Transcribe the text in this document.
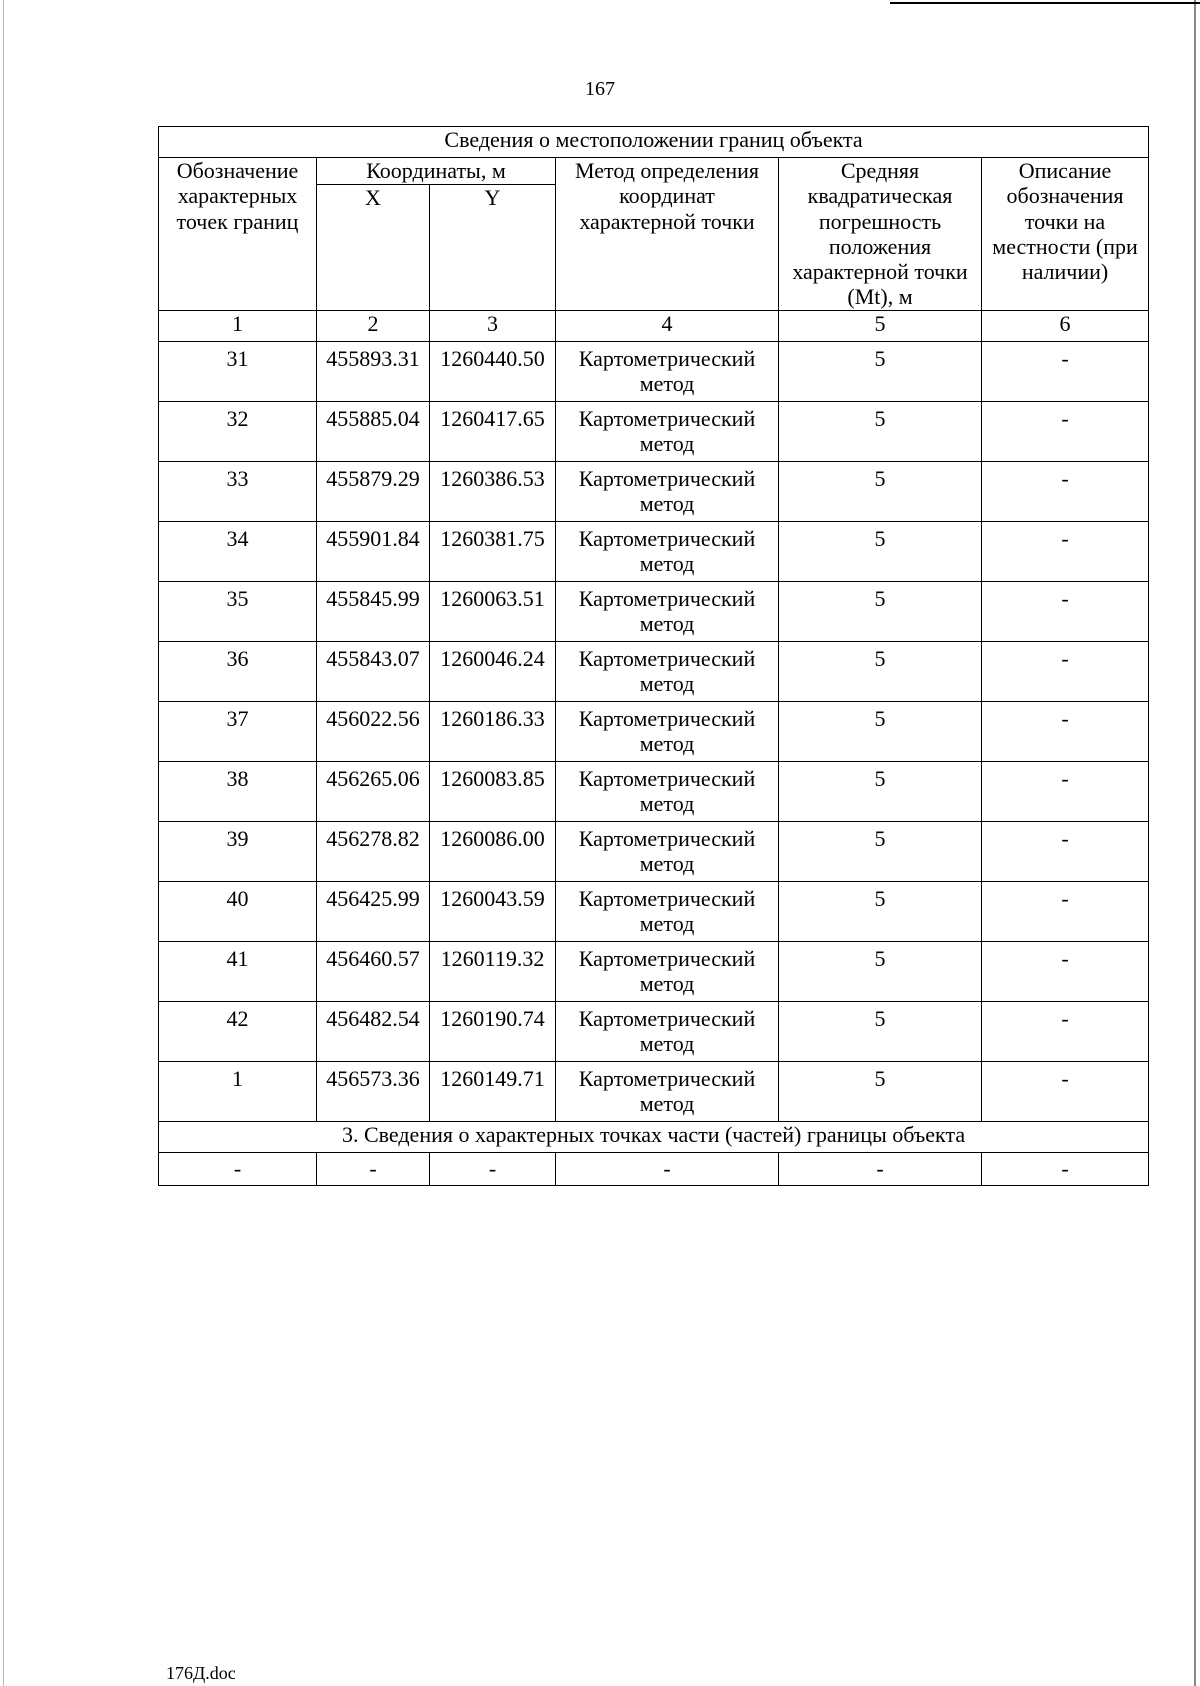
167
Сведения о местоположении границ объекта					
Обозначение характерных точек границ	Координаты, м		Метод определения координат характерной точки	Средняя квадратическая погрешность положения характерной точки (Mt), м	Описание обозначения точки на местности (при наличии)
	X	Y			
1	2	3	4	5	6
31	455893.31	1260440.50	Картометрический метод	5	-
32	455885.04	1260417.65	Картометрический метод	5	-
33	455879.29	1260386.53	Картометрический метод	5	-
34	455901.84	1260381.75	Картометрический метод	5	-
35	455845.99	1260063.51	Картометрический метод	5	-
36	455843.07	1260046.24	Картометрический метод	5	-
37	456022.56	1260186.33	Картометрический метод	5	-
38	456265.06	1260083.85	Картометрический метод	5	-
39	456278.82	1260086.00	Картометрический метод	5	-
40	456425.99	1260043.59	Картометрический метод	5	-
41	456460.57	1260119.32	Картометрический метод	5	-
42	456482.54	1260190.74	Картометрический метод	5	-
1	456573.36	1260149.71	Картометрический метод	5	-
3. Сведения о характерных точках части (частей) границы объекта					
-	-	-	-	-	-
176Д.doc
